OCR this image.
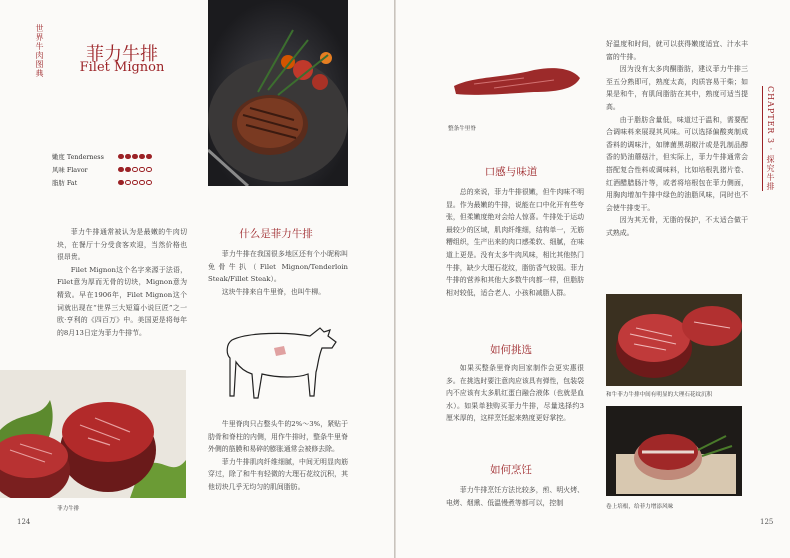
世界牛肉图典	菲力牛排
Filet Mignon
嫩度 Tenderness
风味 Flavor
脂肪 Fat

菲力牛排通常被认为是最嫩的牛肉切块，在餐厅十分受食客欢迎，当然价格也很昂贵。

Filet Mignon这个名字来源于法语，Filet意为厚而无骨的切块，Mignon意为精致。早在1906年，Filet Mignon这个词就出现在“世界三大短篇小说巨匠”之一欧·亨利的《四百万》中。美国更是将每年的8月13日定为菲力牛排节。

什么是菲力牛排

菲力牛排在我国很多地区还有个小昵称叫免骨牛扒（Filet Mignon/Tenderloin Steak/Fillet Steak）。

这块牛排来自牛里脊，也叫牛柳。

牛里脊肉只占整头牛的2%～3%，紧贴于肋骨和脊柱的内侧，用作牛排时，整条牛里脊外侧的筋膜和易碎的膨胀通常会被修去除。

菲力牛排肌肉纤维细腻，中间无明显肉筋穿过，除了和牛有轻微的大理石花纹沉积，其他切块几乎无均匀的肌间脂肪。

菲力牛排
124
整条牛里脊
口感与味道

总的来说，菲力牛排很嫩，但牛肉味不明显。作为最嫩的牛排，说能在口中化开有些夸张，但柔嫩度绝对会给人惊喜。牛排处于运动最较少的区域，肌肉纤维细，结构单一，无筋糟组织，生产出来的肉口感柔软、细腻，在味道上更是。没有太多牛肉风味，相比其他热门牛排，缺少大理石花纹，脂肪香气较弱。菲力牛排的营养和其他大多数牛肉都一样，但脂肪相对较低，适合老人、小孩和减脂人群。

如何挑选

如果买整条里脊肉回家制作会更实惠很多。在挑选时要注意肉应该具有弹性，包装袋内不应该有太多肌红蛋白融合液体（也就是血水）。如果单独购买菲力牛排，尽量选择约3厘米厚的，这样烹饪起来熟度更好掌控。

如何烹饪

菲力牛排烹饪方法比较多，煎、明火烤、电烤、烟熏、低温慢煮等都可以，控制

好温度和时间，就可以获得嫩度适宜、汁水丰富的牛排。

因为没有太多肉酮脂肪，建议菲力牛排三至五分熟即可，熟度太高，肉质容易干柴；如果是和牛，有肌间脂肪在其中，熟度可适当提高。

由于脂肪含量低，味道过于温和，需要配合调味料来展现其风味。可以选择偏酸爽制成香料的调味汁，如牌菌黑胡椒汁或是乳制品醇香的奶油蘑菇汁，但实际上，菲力牛排通常会搭配复合性料或调味料，比如培根乳猪片卷、红酒醋腊肠汁等，或者将培根包在菲力侧面，用胸肉增加牛排中绿色的油脂风味，同时也不会使牛排变干。

因为其无骨，无脂的保护，不太适合做干式熟成。

CHAPTER 3 · 探究牛排
和牛菲力牛排中间有明显的大理石花纹沉积
卷上培根，给菲力增添风味
125
